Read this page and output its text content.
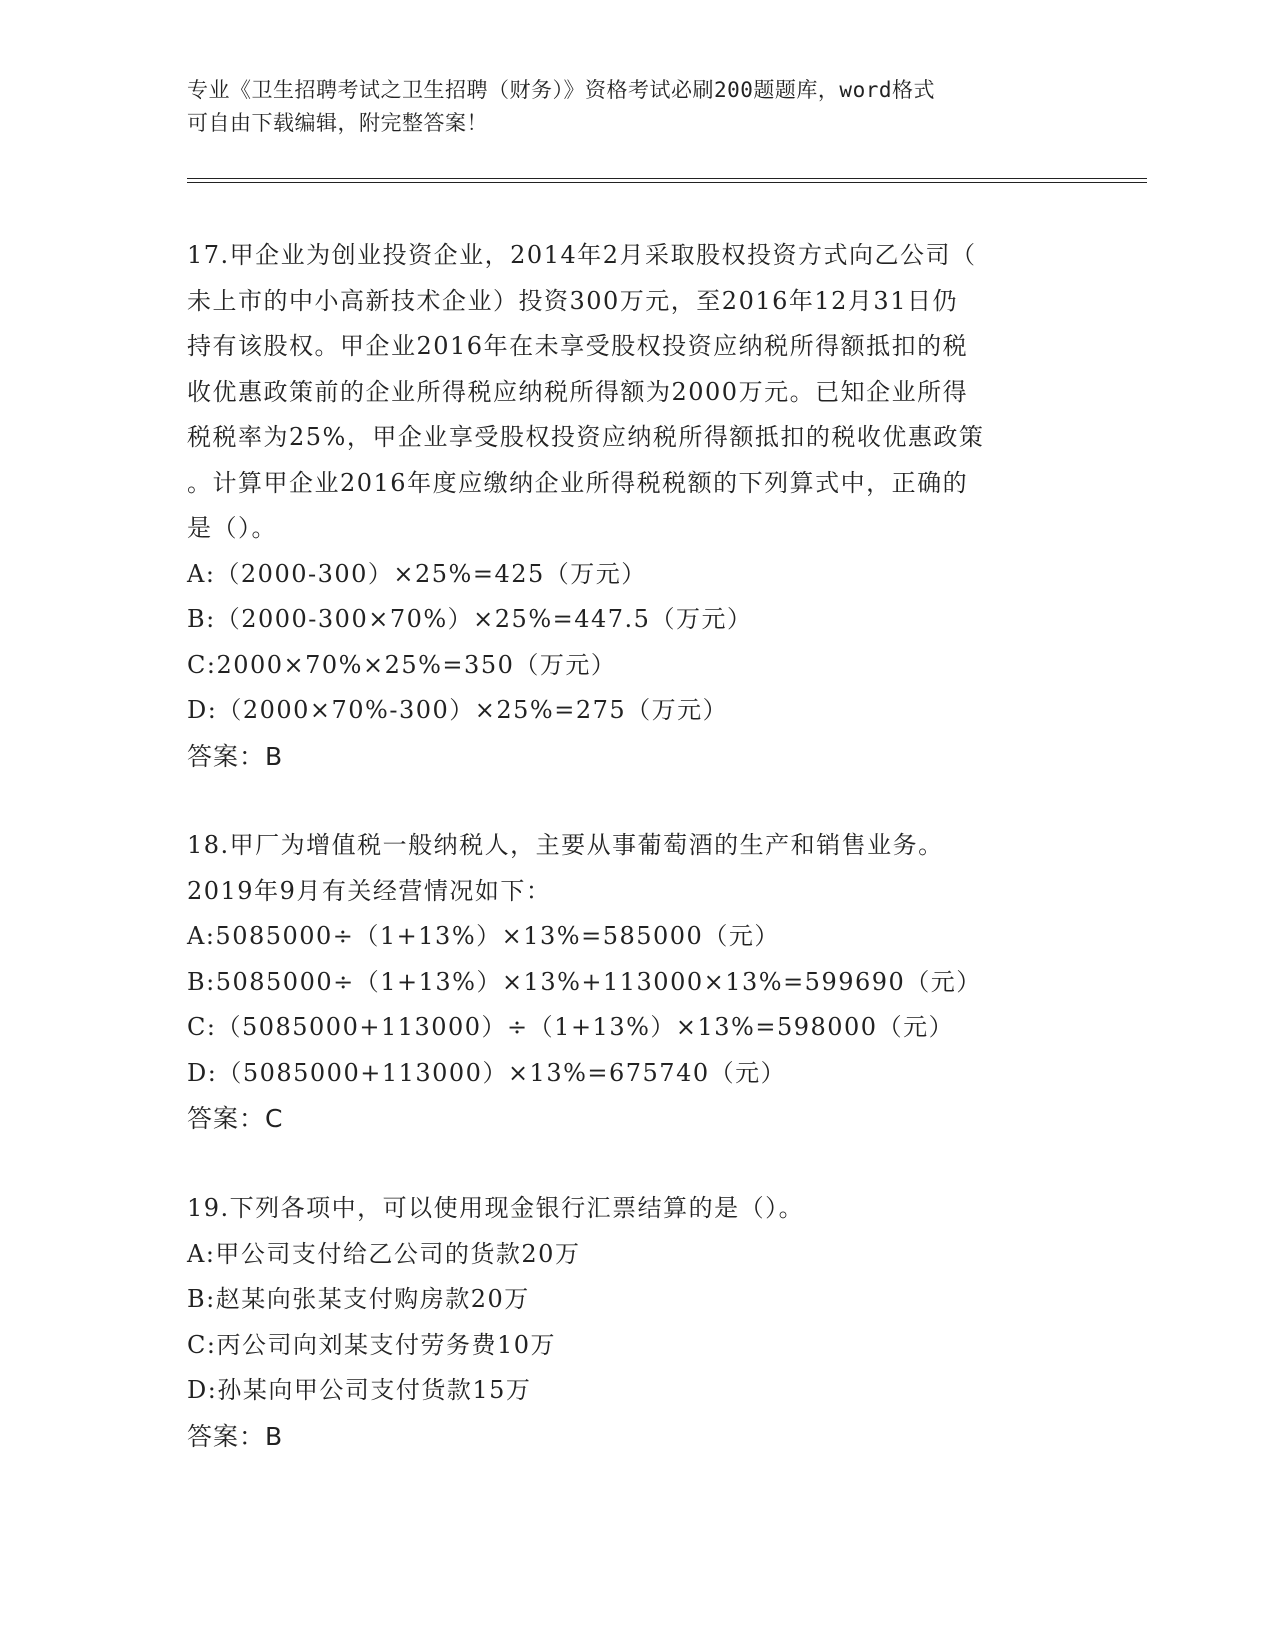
专业《卫生招聘考试之卫生招聘（财务）》资格考试必刷200题题库，word格式

可自由下载编辑，附完整答案！

17.甲企业为创业投资企业，2014年2月采取股权投资方式向乙公司（

未上市的中小高新技术企业）投资300万元，至2016年12月31日仍

持有该股权。甲企业2016年在未享受股权投资应纳税所得额抵扣的税

收优惠政策前的企业所得税应纳税所得额为2000万元。已知企业所得

税税率为25%，甲企业享受股权投资应纳税所得额抵扣的税收优惠政策

。计算甲企业2016年度应缴纳企业所得税税额的下列算式中，正确的

是（）。

A:（2000-300）×25%=425（万元）

B:（2000-300×70%）×25%=447.5（万元）

C:2000×70%×25%=350（万元）

D:（2000×70%-300）×25%=275（万元）

答案：B

18.甲厂为增值税一般纳税人，主要从事葡萄酒的生产和销售业务。

2019年9月有关经营情况如下：

A:5085000÷（1+13%）×13%=585000（元）

B:5085000÷（1+13%）×13%+113000×13%=599690（元）

C:（5085000+113000）÷（1+13%）×13%=598000（元）

D:（5085000+113000）×13%=675740（元）

答案：C

19.下列各项中，可以使用现金银行汇票结算的是（）。

A:甲公司支付给乙公司的货款20万

B:赵某向张某支付购房款20万

C:丙公司向刘某支付劳务费10万

D:孙某向甲公司支付货款15万

答案：B
